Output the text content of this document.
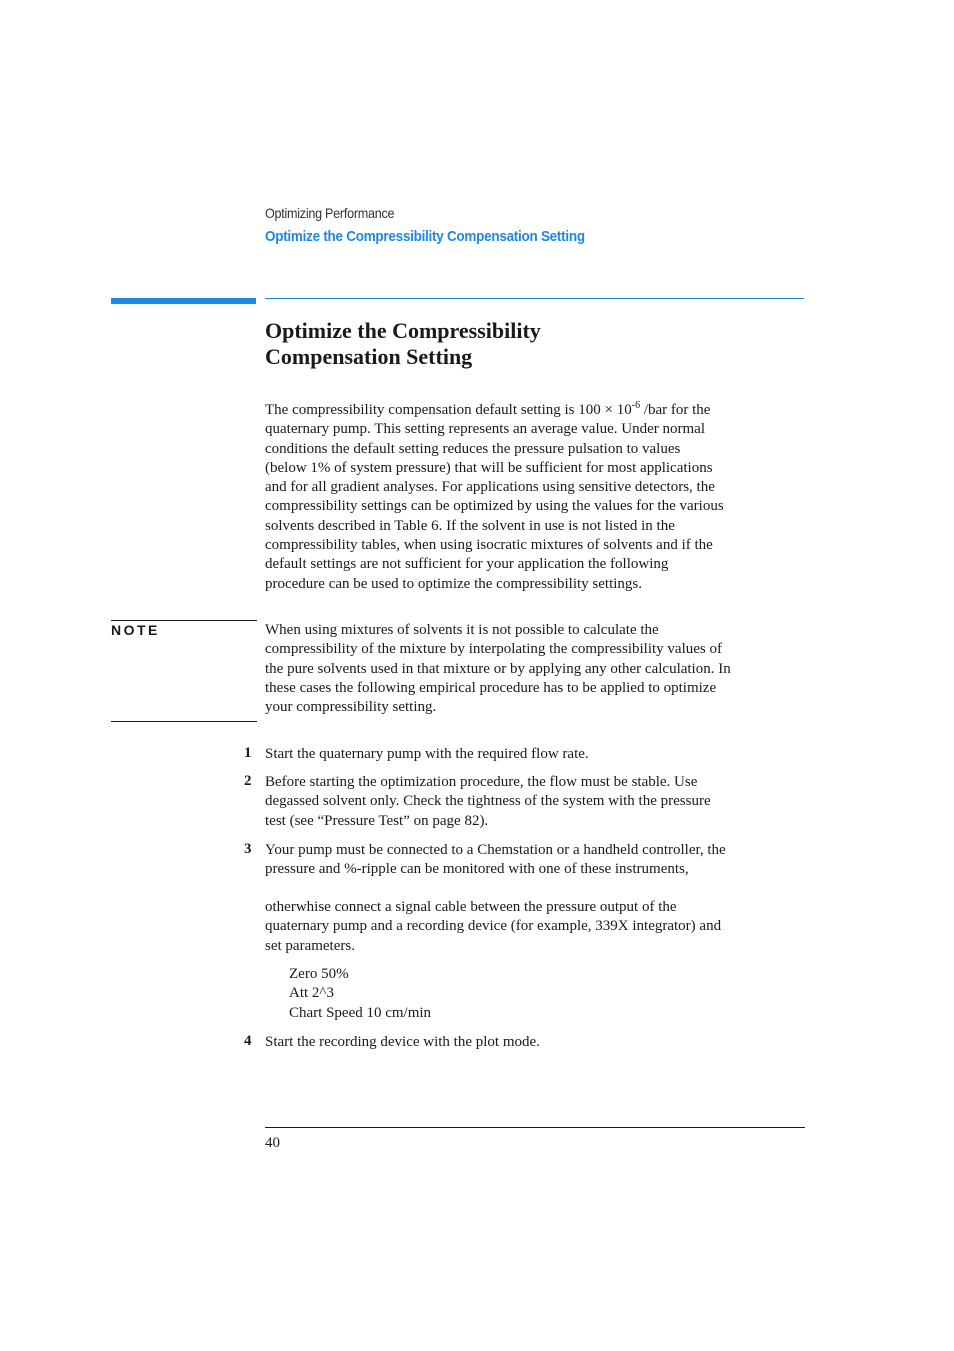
Optimizing Performance
Optimize the Compressibility Compensation Setting
Optimize the Compressibility
Compensation Setting
The compressibility compensation default setting is $100 \times 10^{-6}$ /bar for the
quaternary pump. This setting represents an average value. Under normal
conditions the default setting reduces the pressure pulsation to values
(below 1% of system pressure) that will be sufficient for most applications
and for all gradient analyses. For applications using sensitive detectors, the
compressibility settings can be optimized by using the values for the various
solvents described in Table 6. If the solvent in use is not listed in the
compressibility tables, when using isocratic mixtures of solvents and if the
default settings are not sufficient for your application the following
procedure can be used to optimize the compressibility settings.
NOTE	When using mixtures of solvents it is not possible to calculate the
compressibility of the mixture by interpolating the compressibility values of
the pure solvents used in that mixture or by applying any other calculation. In
these cases the following empirical procedure has to be applied to optimize
your compressibility setting.
1 Start the quaternary pump with the required flow rate.
2 Before starting the optimization procedure, the flow must be stable. Use
degassed solvent only. Check the tightness of the system with the pressure
test (see “Pressure Test” on page 82).
3 Your pump must be connected to a Chemstation or a handheld controller, the
pressure and %-ripple can be monitored with one of these instruments,
otherwhise connect a signal cable between the pressure output of the
quaternary pump and a recording device (for example, 339X integrator) and
set parameters.
Zero 50%
Att 2^3
Chart Speed 10 cm/min
4 Start the recording device with the plot mode.
40
